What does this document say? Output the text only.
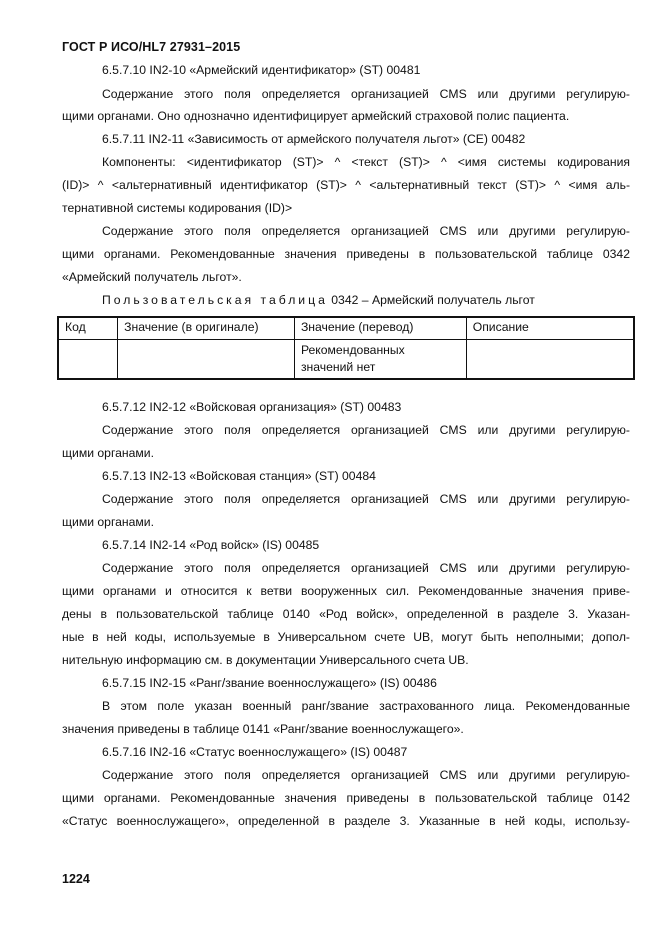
ГОСТ Р ИСО/HL7 27931–2015
6.5.7.10 IN2-10 «Армейский идентификатор» (ST) 00481
Содержание этого поля определяется организацией CMS или другими регулирую-
щими органами. Оно однозначно идентифицирует армейский страховой полис пациента.
6.5.7.11 IN2-11 «Зависимость от армейского получателя льгот» (CE) 00482
Компоненты: <идентификатор (ST)> ^ <текст (ST)> ^ <имя системы кодирования
(ID)> ^ <альтернативный идентификатор (ST)> ^ <альтернативный текст (ST)> ^ <имя аль-
тернативной системы кодирования (ID)>
Содержание этого поля определяется организацией CMS или другими регулирую-
щими органами. Рекомендованные значения приведены в пользовательской таблице 0342
«Армейский получатель льгот».
Пользовательская таблица 0342 – Армейский получатель льгот
Код	Значение (в оригинале)	Значение (перевод)	Описание
		Рекомендованных значений нет	
6.5.7.12 IN2-12 «Войсковая организация» (ST) 00483
Содержание этого поля определяется организацией CMS или другими регулирую-
щими органами.
6.5.7.13 IN2-13 «Войсковая станция» (ST) 00484
Содержание этого поля определяется организацией CMS или другими регулирую-
щими органами.
6.5.7.14 IN2-14 «Род войск» (IS) 00485
Содержание этого поля определяется организацией CMS или другими регулирую-
щими органами и относится к ветви вооруженных сил. Рекомендованные значения приве-
дены в пользовательской таблице 0140 «Род войск», определенной в разделе 3. Указан-
ные в ней коды, используемые в Универсальном счете UB, могут быть неполными; допол-
нительную информацию см. в документации Универсального счета UB.
6.5.7.15 IN2-15 «Ранг/звание военнослужащего» (IS) 00486
В этом поле указан военный ранг/звание застрахованного лица. Рекомендованные
значения приведены в таблице 0141 «Ранг/звание военнослужащего».
6.5.7.16 IN2-16 «Статус военнослужащего» (IS) 00487
Содержание этого поля определяется организацией CMS или другими регулирую-
щими органами. Рекомендованные значения приведены в пользовательской таблице 0142
«Статус военнослужащего», определенной в разделе 3. Указанные в ней коды, использу-
1224
